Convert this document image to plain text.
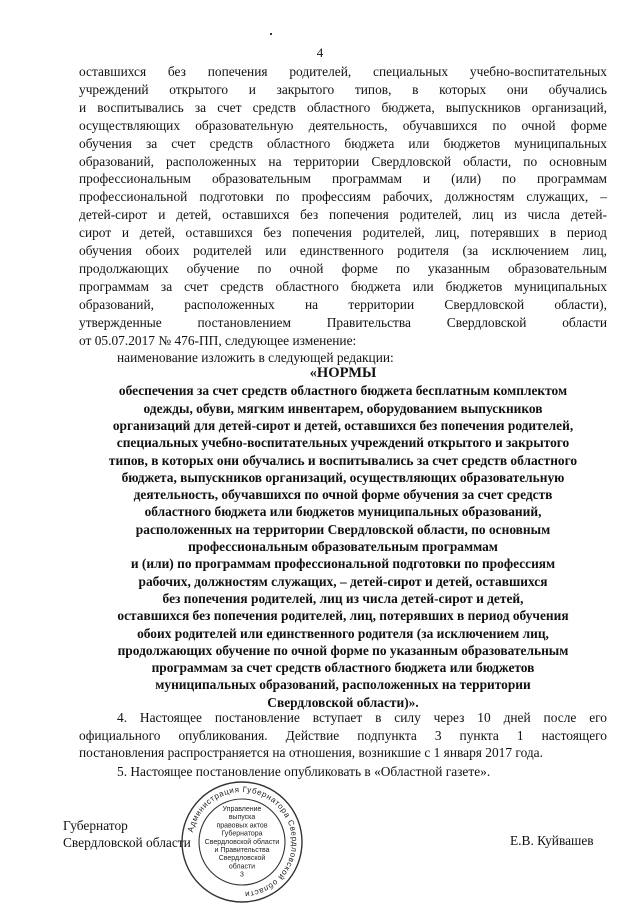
4
оставшихся без попечения родителей, специальных учебно-воспитательных
учреждений открытого и закрытого типов, в которых они обучались
и воспитывались за счет средств областного бюджета, выпускников организаций,
осуществляющих образовательную деятельность, обучавшихся по очной форме
обучения за счет средств областного бюджета или бюджетов муниципальных
образований, расположенных на территории Свердловской области, по основным
профессиональным образовательным программам и (или) по программам
профессиональной подготовки по профессиям рабочих, должностям служащих, –
детей-сирот и детей, оставшихся без попечения родителей, лиц из числа детей-
сирот и детей, оставшихся без попечения родителей, лиц, потерявших в период
обучения обоих родителей или единственного родителя (за исключением лиц,
продолжающих обучение по очной форме по указанным образовательным
программам за счет средств областного бюджета или бюджетов муниципальных
образований, расположенных на территории Свердловской области),
утвержденные постановлением Правительства Свердловской области
от 05.07.2017 № 476-ПП, следующее изменение:
наименование изложить в следующей редакции:
«НОРМЫ
обеспечения за счет средств областного бюджета бесплатным комплектом
одежды, обуви, мягким инвентарем, оборудованием выпускников
организаций для детей-сирот и детей, оставшихся без попечения родителей,
специальных учебно-воспитательных учреждений открытого и закрытого
типов, в которых они обучались и воспитывались за счет средств областного
бюджета, выпускников организаций, осуществляющих образовательную
деятельность, обучавшихся по очной форме обучения за счет средств
областного бюджета или бюджетов муниципальных образований,
расположенных на территории Свердловской области, по основным
профессиональным образовательным программам
и (или) по программам профессиональной подготовки по профессиям
рабочих, должностям служащих, – детей-сирот и детей, оставшихся
без попечения родителей, лиц из числа детей-сирот и детей,
оставшихся без попечения родителей, лиц, потерявших в период обучения
обоих родителей или единственного родителя (за исключением лиц,
продолжающих обучение по очной форме по указанным образовательным
программам за счет средств областного бюджета или бюджетов
муниципальных образований, расположенных на территории
Свердловской области)».
4. Настоящее постановление вступает в силу через 10 дней после его
официального опубликования. Действие подпункта 3 пункта 1 настоящего
постановления распространяется на отношения, возникшие с 1 января 2017 года.
5. Настоящее постановление опубликовать в «Областной газете».
Губернатор
Свердловской области	Е.В. Куйвашев
Администрация Губернатора Свердловской области
Управление
выпуска
правовых актов
Губернатора
Свердловской области
и Правительства
Свердловской
области
3
